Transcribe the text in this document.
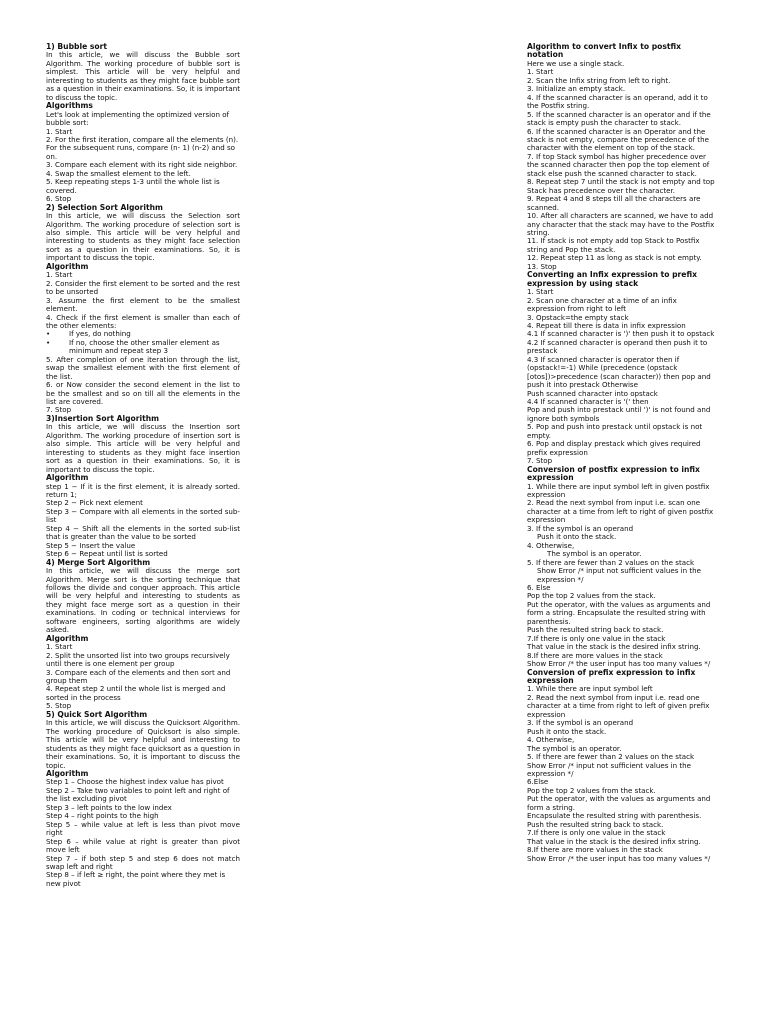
1) Bubble sort
In this article, we will discuss the Bubble sort Algorithm. The working procedure of bubble sort is simplest. This article will be very helpful and interesting to students as they might face bubble sort as a question in their examinations. So, it is important to discuss the topic.
Algorithms
Let's look at implementing the optimized version of bubble sort:
1. Start
2. For the first iteration, compare all the elements (n). For the subsequent runs, compare (n- 1) (n-2) and so on.
3. Compare each element with its right side neighbor.
4. Swap the smallest element to the left.
5. Keep repeating steps 1-3 until the whole list is covered.
6. Stop
2) Selection Sort Algorithm
In this article, we will discuss the Selection sort Algorithm. The working procedure of selection sort is also simple. This article will be very helpful and interesting to students as they might face selection sort as a question in their examinations. So, it is important to discuss the topic.
Algorithm
1. Start
2. Consider the first element to be sorted and the rest to be unsorted
3. Assume the first element to be the smallest element.
4. Check if the first element is smaller than each of the other elements:
• If yes, do nothing
• If no, choose the other smaller element as minimum and repeat step 3
5. After completion of one iteration through the list, swap the smallest element with the first element of the list.
6. or Now consider the second element in the list to be the smallest and so on till all the elements in the list are covered.
7. Stop
3)Insertion Sort Algorithm
In this article, we will discuss the Insertion sort Algorithm. The working procedure of insertion sort is also simple. This article will be very helpful and interesting to students as they might face insertion sort as a question in their examinations. So, it is important to discuss the topic.
Algorithm
step 1 − If it is the first element, it is already sorted. return 1;
Step 2 − Pick next element
Step 3 − Compare with all elements in the sorted sub-list
Step 4 − Shift all the elements in the sorted sub-list that is greater than the value to be sorted
Step 5 − Insert the value
Step 6 − Repeat until list is sorted
4) Merge Sort Algorithm
In this article, we will discuss the merge sort Algorithm. Merge sort is the sorting technique that follows the divide and conquer approach. This article will be very helpful and interesting to students as they might face merge sort as a question in their examinations. In coding or technical interviews for software engineers, sorting algorithms are widely asked.
Algorithm
1. Start
2. Split the unsorted list into two groups recursively until there is one element per group
3. Compare each of the elements and then sort and group them
4. Repeat step 2 until the whole list is merged and sorted in the process
5. Stop
5) Quick Sort Algorithm
In this article, we will discuss the Quicksort Algorithm. The working procedure of Quicksort is also simple. This article will be very helpful and interesting to students as they might face quicksort as a question in their examinations. So, it is important to discuss the topic.
Algorithm
Step 1 – Choose the highest index value has pivot
Step 2 – Take two variables to point left and right of the list excluding pivot
Step 3 – left points to the low index
Step 4 – right points to the high
Step 5 – while value at left is less than pivot move right
Step 6 – while value at right is greater than pivot move left
Step 7 – if both step 5 and step 6 does not match swap left and right
Step 8 – if left ≥ right, the point where they met is new pivot
Algorithm to convert Infix to postfix notation
Here we use a single stack.
1. Start
2. Scan the Infix string from left to right.
3. Initialize an empty stack.
4. If the scanned character is an operand, add it to the Postfix string.
5. If the scanned character is an operator and if the stack is empty push the character to stack.
6. If the scanned character is an Operator and the stack is not empty, compare the precedence of the character with the element on top of the stack.
7. If top Stack symbol has higher precedence over the scanned character then pop the top element of stack else push the scanned character to stack.
8. Repeat step 7 until the stack is not empty and top Stack has precedence over the character.
9. Repeat 4 and 8 steps till all the characters are scanned.
10. After all characters are scanned, we have to add any character that the stack may have to the Postfix string.
11. If stack is not empty add top Stack to Postfix string and Pop the stack.
12. Repeat step 11 as long as stack is not empty.
13. Stop
Converting an Infix expression to prefix expression by using stack
1. Start
2. Scan one character at a time of an infix expression from right to left
3. Opstack=the empty stack
4. Repeat till there is data in infix expression
4.1 If scanned character is ')' then push it to opstack
4.2 If scanned character is operand then push it to prestack
4.3 If scanned character is operator then if (opstack!=-1) While (precedence (opstack [otos])>precedence (scan character)) then pop and push it into prestack Otherwise
Push scanned character into opstack
4.4 If scanned character is '(' then
Pop and push into prestack until ')' is not found and ignore both symbols
5. Pop and push into prestack until opstack is not empty.
6. Pop and display prestack which gives required prefix expression
7. Stop
Conversion of postfix expression to infix expression
1. While there are input symbol left in given postfix expression
2. Read the next symbol from input i.e. scan one character at a time from left to right of given postfix expression
3. If the symbol is an operand
Push it onto the stack.
4. Otherwise,
The symbol is an operator.
5. If there are fewer than 2 values on the stack
Show Error /* input not sufficient values in the expression */
6. Else
Pop the top 2 values from the stack.
Put the operator, with the values as arguments and form a string. Encapsulate the resulted string with parenthesis.
Push the resulted string back to stack.
7.If there is only one value in the stack
That value in the stack is the desired infix string.
8.If there are more values in the stack
Show Error /* the user input has too many values */
Conversion of prefix expression to infix expression
1. While there are input symbol left
2. Read the next symbol from input i.e. read one character at a time from right to left of given prefix expression
3. If the symbol is an operand
Push it onto the stack.
4. Otherwise,
The symbol is an operator.
5. If there are fewer than 2 values on the stack
Show Error /* input not sufficient values in the expression */
6.Else
Pop the top 2 values from the stack.
Put the operator, with the values as arguments and form a string.
Encapsulate the resulted string with parenthesis.
Push the resulted string back to stack.
7.If there is only one value in the stack
That value in the stack is the desired infix string.
8.If there are more values in the stack
Show Error /* the user input has too many values */
